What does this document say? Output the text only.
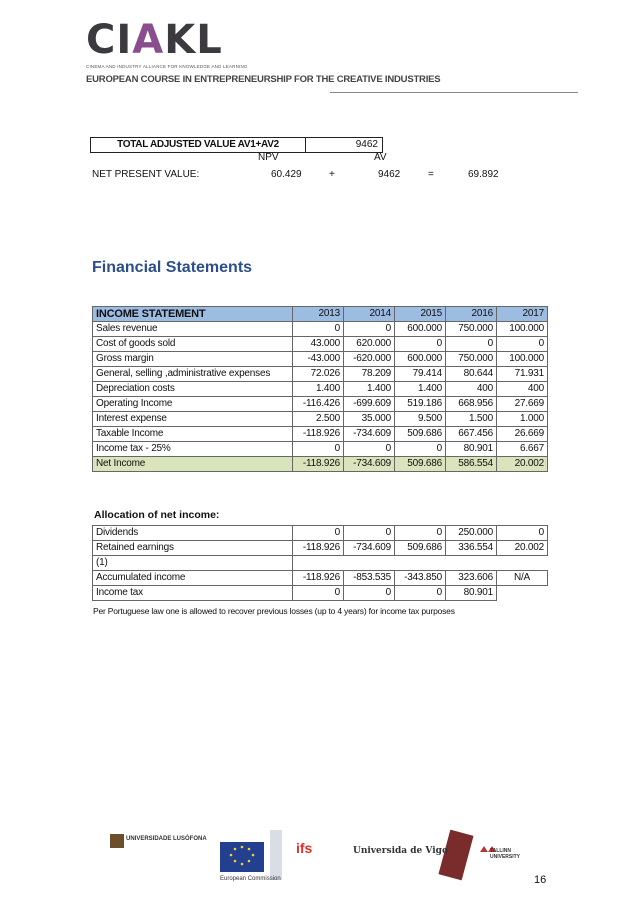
CIAKL
CINEMA AND INDUSTRY ALLIANCE FOR KNOWLEDGE AND LEARNING
EUROPEAN COURSE IN ENTREPRENEURSHIP FOR THE CREATIVE INDUSTRIES
TOTAL ADJUSTED VALUE AV1+AV2	9462
NPV	AV
NET PRESENT VALUE:	60.429	+	9462	=	69.892
Financial Statements
INCOME STATEMENT	2013	2014	2015	2016	2017
Sales revenue	0	0	600.000	750.000	100.000
Cost of goods sold	43.000	620.000	0	0	0
Gross margin	-43.000	-620.000	600.000	750.000	100.000
General, selling ,administrative expenses	72.026	78.209	79.414	80.644	71.931
Depreciation costs	1.400	1.400	1.400	400	400
Operating Income	-116.426	-699.609	519.186	668.956	27.669
Interest expense	2.500	35.000	9.500	1.500	1.000
Taxable Income	-118.926	-734.609	509.686	667.456	26.669
Income tax - 25%	0	0	0	80.901	6.667
Net Income	-118.926	-734.609	509.686	586.554	20.002
Allocation of net income:
Dividends	0	0	0	250.000	0
Retained earnings	-118.926	-734.609	509.686	336.554	20.002
(1)					
Accumulated income	-118.926	-853.535	-343.850	323.606	N/A
Income tax	0	0	0	80.901	
Per Portuguese law one is allowed to recover previous losses (up to 4 years) for income tax purposes
UNIVERSIDADE LUSÓFONA
European Commission
ifs	Universida de Vigo	TALLINN UNIVERSITY
16
